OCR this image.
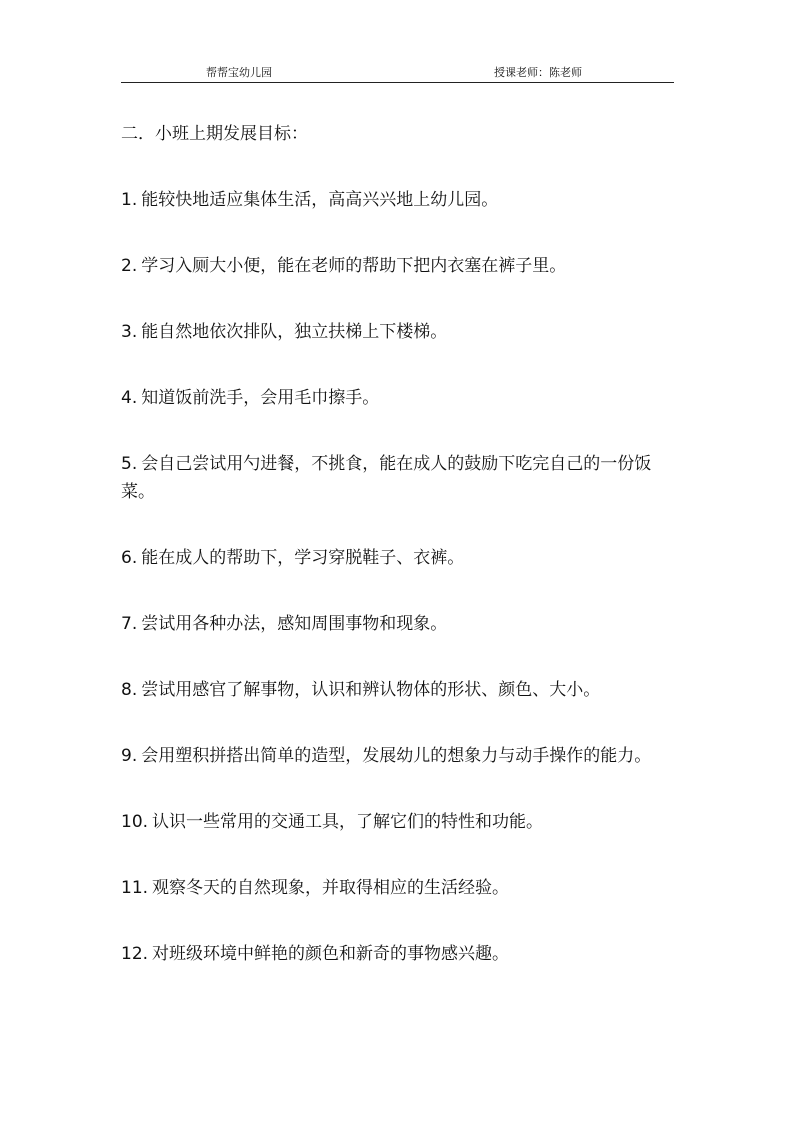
帮帮宝幼儿园	授课老师：陈老师
二．小班上期发展目标：
1. 能较快地适应集体生活，高高兴兴地上幼儿园。
2. 学习入厕大小便，能在老师的帮助下把内衣塞在裤子里。
3. 能自然地依次排队，独立扶梯上下楼梯。
4. 知道饭前洗手，会用毛巾擦手。
5. 会自己尝试用勺进餐，不挑食，能在成人的鼓励下吃完自己的一份饭菜。
6. 能在成人的帮助下，学习穿脱鞋子、衣裤。
7. 尝试用各种办法，感知周围事物和现象。
8. 尝试用感官了解事物，认识和辨认物体的形状、颜色、大小。
9. 会用塑积拼搭出简单的造型，发展幼儿的想象力与动手操作的能力。
10. 认识一些常用的交通工具，了解它们的特性和功能。
11. 观察冬天的自然现象，并取得相应的生活经验。
12. 对班级环境中鲜艳的颜色和新奇的事物感兴趣。
